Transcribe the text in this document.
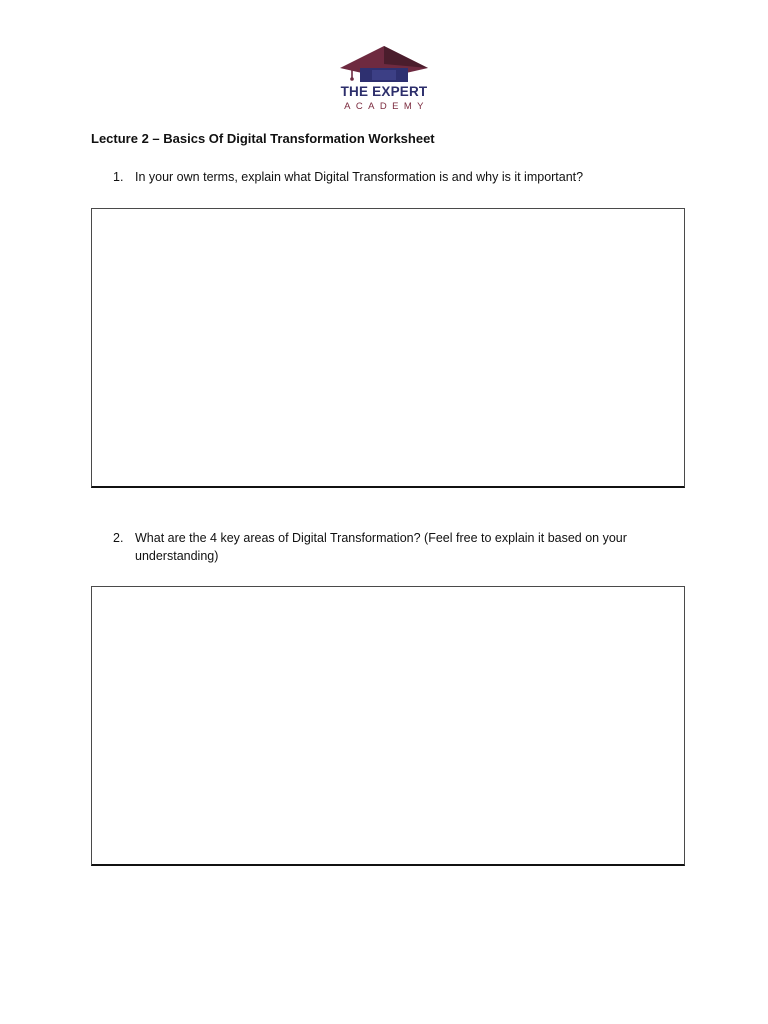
THE EXPERT
ACADEMY
Lecture 2 – Basics Of Digital Transformation Worksheet
1. In your own terms, explain what Digital Transformation is and why is it important?
2. What are the 4 key areas of Digital Transformation? (Feel free to explain it based on your understanding)
